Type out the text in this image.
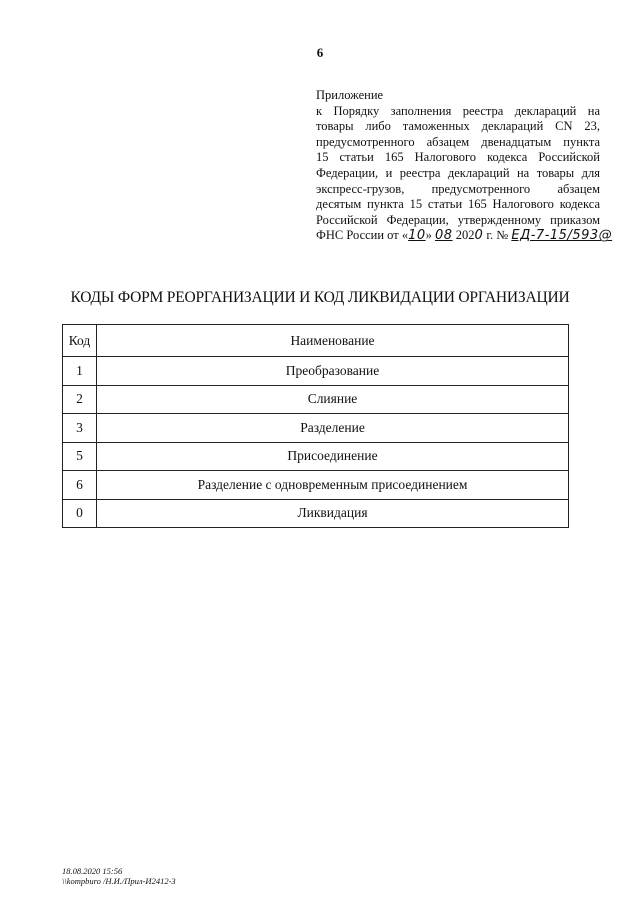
6
Приложение
к Порядку заполнения реестра деклараций на
товары либо таможенных деклараций CN 23,
предусмотренного абзацем двенадцатым пункта
15 статьи 165 Налогового кодекса Российской
Федерации, и реестра деклараций на товары для
экспресс-грузов, предусмотренного абзацем
десятым пункта 15 статьи 165 Налогового кодекса
Российской Федерации, утвержденному приказом
ФНС России от «10» 08 2020 г. № ЕД-7-15/593@
КОДЫ ФОРМ РЕОРГАНИЗАЦИИ И КОД ЛИКВИДАЦИИ ОРГАНИЗАЦИИ
Код	Наименование
1	Преобразование
2	Слияние
3	Разделение
5	Присоединение
6	Разделение с одновременным присоединением
0	Ликвидация
18.08.2020 15:56
\\kompburo /Н.И./Прил-И2412-3
